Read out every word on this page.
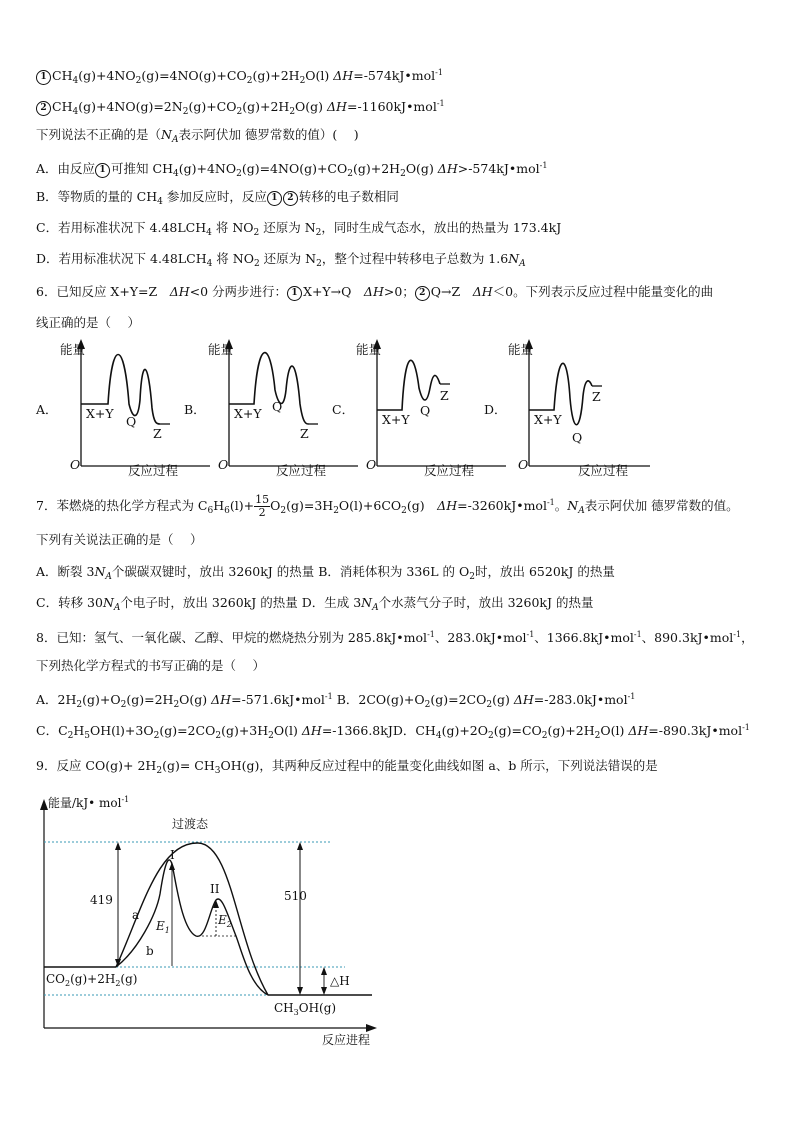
1 $CH_4(g)+4NO_2(g)=4NO(g)+CO_2(g)+2H_2O(l)$ ΔH=-574kJ•mol$^{-1}$
2 $CH_4(g)+4NO(g)=2N_2(g)+CO_2(g)+2H_2O(g)$ ΔH=-1160kJ•mol$^{-1}$
下列说法不正确的是（$N_A$表示阿伏加 德罗常数的值）(　 )
A．由反应 1 可推知 $CH_4(g)+4NO_2(g)=4NO(g)+CO_2(g)+2H_2O(g)$ ΔH>-574kJ•mol$^{-1}$
B．等物质的量的 $CH_4$ 参加反应时，反应 1 2 转移的电子数相同
C．若用标准状况下 $4.48LCH_4$ 将 $NO_2$ 还原为 $N_2$，同时生成气态水，放出的热量为 173.4kJ
D．若用标准状况下 $4.48LCH_4$ 将 $NO_2$ 还原为 $N_2$，整个过程中转移电子总数为 $1.6N_A$
6．已知反应 X+Y=Z　ΔH<0 分两步进行： 1 X+Y→Q　ΔH>0； 2 Q→Z　ΔH＜0。下列表示反应过程中能量变化的曲
线正确的是（　 ）
A．
能量
O	反应过程
X+Y
Q
Z
B．
能量
O	反应过程
X+Y Q
Z
C．
能量
O	反应过程
X+Y
Q
Z
D．
能量
O	反应过程
X+Y
Q
Z
7．苯燃烧的热化学方程式为 $C_6H_6(l)+ \frac{15}{2} O_2(g)=3H_2O(l)+6CO_2(g)$　ΔH=-3260kJ•mol$^{-1}$。$N_A$表示阿伏加 德罗常数的值。
下列有关说法正确的是（　 ）
A．断裂 $3N_A$个碳碳双键时，放出 3260kJ 的热量 B．消耗体积为 336L 的 $O_2$时，放出 6520kJ 的热量
C．转移 $30N_A$个电子时，放出 3260kJ 的热量 D．生成 $3N_A$个水蒸气分子时，放出 3260kJ 的热量
8．已知：氢气、一氧化碳、乙醇、甲烷的燃烧热分别为 285.8kJ•mol$^{-1}$、283.0kJ•mol$^{-1}$、1366.8kJ•mol$^{-1}$、890.3kJ•mol$^{-1}$，
下列热化学方程式的书写正确的是（　 ）
A．$2H_2(g)+O_2(g)=2H_2O(g)$ ΔH=-571.6kJ•mol$^{-1}$ B．$2CO(g)+O_2(g)=2CO_2(g)$ ΔH=-283.0kJ•mol$^{-1}$
C．$C_2H_5OH(l)+3O_2(g)=2CO_2(g)+3H_2O(l)$ ΔH=-1366.8kJD．$CH_4(g)+2O_2(g)=CO_2(g)+2H_2O(l)$ ΔH=-890.3kJ•mol$^{-1}$
9．反应 $CO(g)+ 2H_2(g)= CH_3OH(g)$，其两种反应过程中的能量变化曲线如图 a、b 所示，下列说法错误的是
能量/kJ• mol$^{-1}$
反应进程
419	510
$E_1$
$E_2$
过渡态
a
b
I
II
△H
$CO_2(g)+2H_2(g)$
$CH_3OH(g)$
